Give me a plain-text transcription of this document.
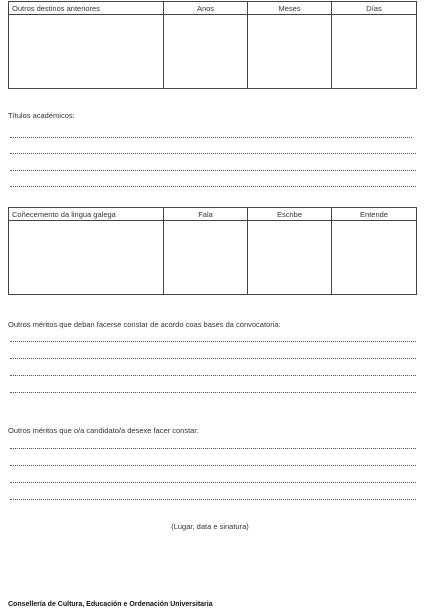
Outros destinos anteriores	Anos	Meses	Días

Títulos académicos:
Coñecemento da lingua galega	Fala	Escribe	Entende

Outros méritos que deban facerse constar de acordo coas bases da convocatoria:
Outros méritos que o/a candidato/a desexe facer constar:
(Lugar, data e sinatura)
Consellería de Cultura, Educación e Ordenación Universitaria
